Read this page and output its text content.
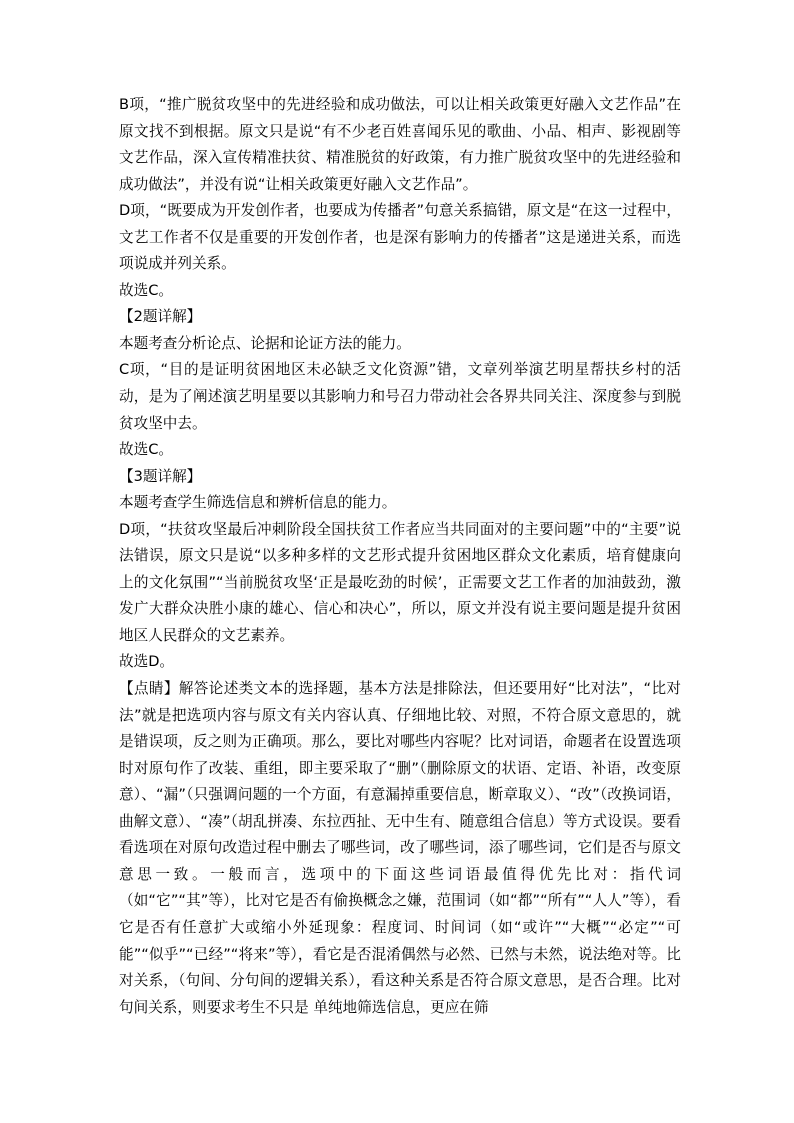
B项，“推广脱贫攻坚中的先进经验和成功做法，可以让相关政策更好融入文艺作品”在原文找不到根据。原文只是说“有不少老百姓喜闻乐见的歌曲、小品、相声、影视剧等文艺作品，深入宣传精准扶贫、精准脱贫的好政策，有力推广脱贫攻坚中的先进经验和成功做法”，并没有说“让相关政策更好融入文艺作品”。

D项，“既要成为开发创作者，也要成为传播者”句意关系搞错，原文是“在这一过程中，文艺工作者不仅是重要的开发创作者，也是深有影响力的传播者”这是递进关系，而选项说成并列关系。

故选C。

【2题详解】

本题考查分析论点、论据和论证方法的能力。

C项，“目的是证明贫困地区未必缺乏文化资源”错，文章列举演艺明星帮扶乡村的活动，是为了阐述演艺明星要以其影响力和号召力带动社会各界共同关注、深度参与到脱贫攻坚中去。

故选C。

【3题详解】

本题考查学生筛选信息和辨析信息的能力。

D项，“扶贫攻坚最后冲刺阶段全国扶贫工作者应当共同面对的主要问题”中的“主要”说法错误，原文只是说“以多种多样的文艺形式提升贫困地区群众文化素质，培育健康向上的文化氛围”“当前脱贫攻坚‘正是最吃劲的时候’，正需要文艺工作者的加油鼓劲，激发广大群众决胜小康的雄心、信心和决心”，所以，原文并没有说主要问题是提升贫困地区人民群众的文艺素养。

故选D。

【点睛】解答论述类文本的选择题，基本方法是排除法，但还要用好“比对法”，“比对法”就是把选项内容与原文有关内容认真、仔细地比较、对照，不符合原文意思的，就是错误项，反之则为正确项。那么，要比对哪些内容呢？比对词语，命题者在设置选项时对原句作了改装、重组，即主要采取了“删”（删除原文的状语、定语、补语，改变原意）、“漏”（只强调问题的一个方面，有意漏掉重要信息，断章取义）、“改”（改换词语，曲解文意）、“凑”（胡乱拼凑、东拉西扯、无中生有、随意组合信息）等方式设误。要看看选项在对原句改造过程中删去了哪些词，改了哪些词，添了哪些词，它们是否与原文意思一致。一般而言，选项中的下面这些词语最值得优先比对：指代词（如“它”“其”等），比对它是否有偷换概念之嫌，范围词（如“都”“所有”“人人”等），看它是否有任意扩大或缩小外延现象：程度词、时间词（如“或许”“大概”“必定”“可能”“似乎”“已经”“将来”等），看它是否混淆偶然与必然、已然与未然，说法绝对等。比对关系，（句间、分句间的逻辑关系），看这种关系是否符合原文意思，是否合理。比对句间关系，则要求考生不只是 单纯地筛选信息，更应在筛
